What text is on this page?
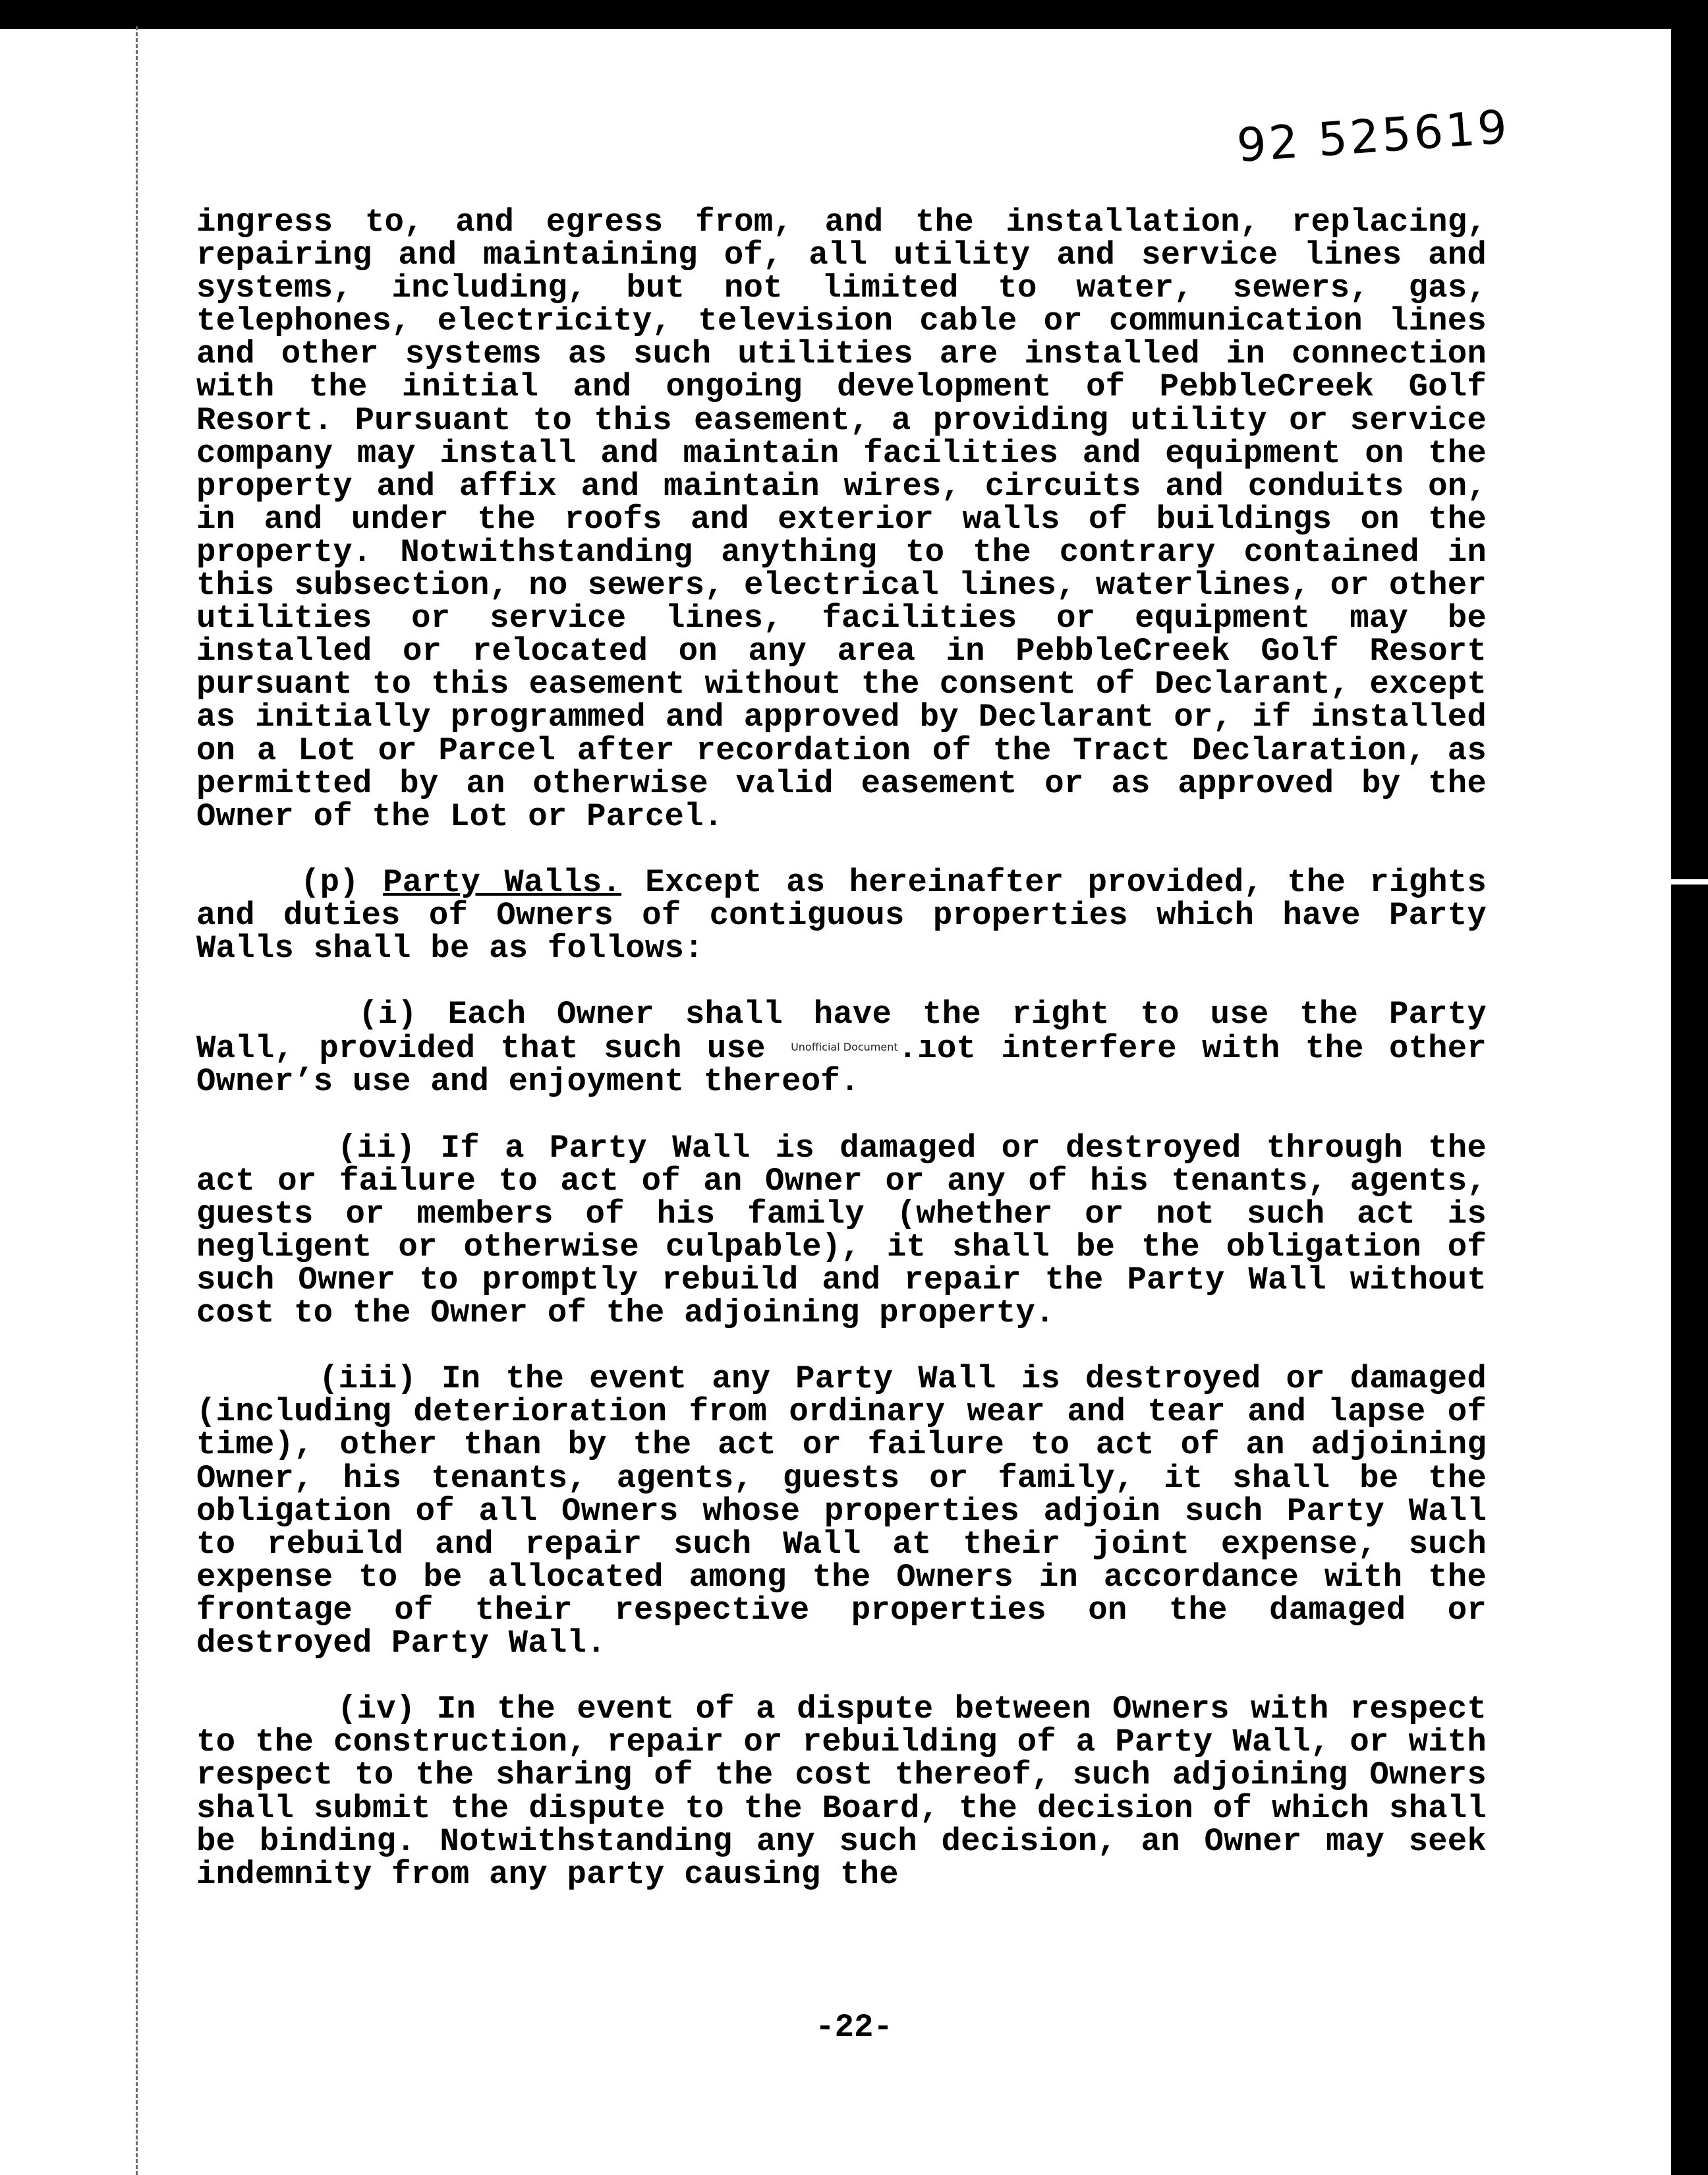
92 525619

ingress to, and egress from, and the installation, replacing, repairing and maintaining of, all utility and service lines and systems, including, but not limited to water, sewers, gas, telephones, electricity, television cable or communication lines and other systems as such utilities are installed in connection with the initial and ongoing development of PebbleCreek Golf Resort. Pursuant to this easement, a providing utility or service company may install and maintain facilities and equipment on the property and affix and maintain wires, circuits and conduits on, in and under the roofs and exterior walls of buildings on the property. Notwithstanding anything to the contrary contained in this subsection, no sewers, electrical lines, waterlines, or other utilities or service lines, facilities or equipment may be installed or relocated on any area in PebbleCreek Golf Resort pursuant to this easement without the consent of Declarant, except as initially programmed and approved by Declarant or, if installed on a Lot or Parcel after recordation of the Tract Declaration, as permitted by an otherwise valid easement or as approved by the Owner of the Lot or Parcel.

(p) Party Walls. Except as hereinafter provided, the rights and duties of Owners of contiguous properties which have Party Walls shall be as follows:

(i) Each Owner shall have the right to use the Party Wall, provided that such use Unofficial Document.ıot interfere with the other Owner’s use and enjoyment thereof.

(ii) If a Party Wall is damaged or destroyed through the act or failure to act of an Owner or any of his tenants, agents, guests or members of his family (whether or not such act is negligent or otherwise culpable), it shall be the obligation of such Owner to promptly rebuild and repair the Party Wall without cost to the Owner of the adjoining property.

(iii) In the event any Party Wall is destroyed or damaged (including deterioration from ordinary wear and tear and lapse of time), other than by the act or failure to act of an adjoining Owner, his tenants, agents, guests or family, it shall be the obligation of all Owners whose properties adjoin such Party Wall to rebuild and repair such Wall at their joint expense, such expense to be allocated among the Owners in accordance with the frontage of their respective properties on the damaged or destroyed Party Wall.

(iv) In the event of a dispute between Owners with respect to the construction, repair or rebuilding of a Party Wall, or with respect to the sharing of the cost thereof, such adjoining Owners shall submit the dispute to the Board, the decision of which shall be binding. Notwithstanding any such decision, an Owner may seek indemnity from any party causing the

-22-
